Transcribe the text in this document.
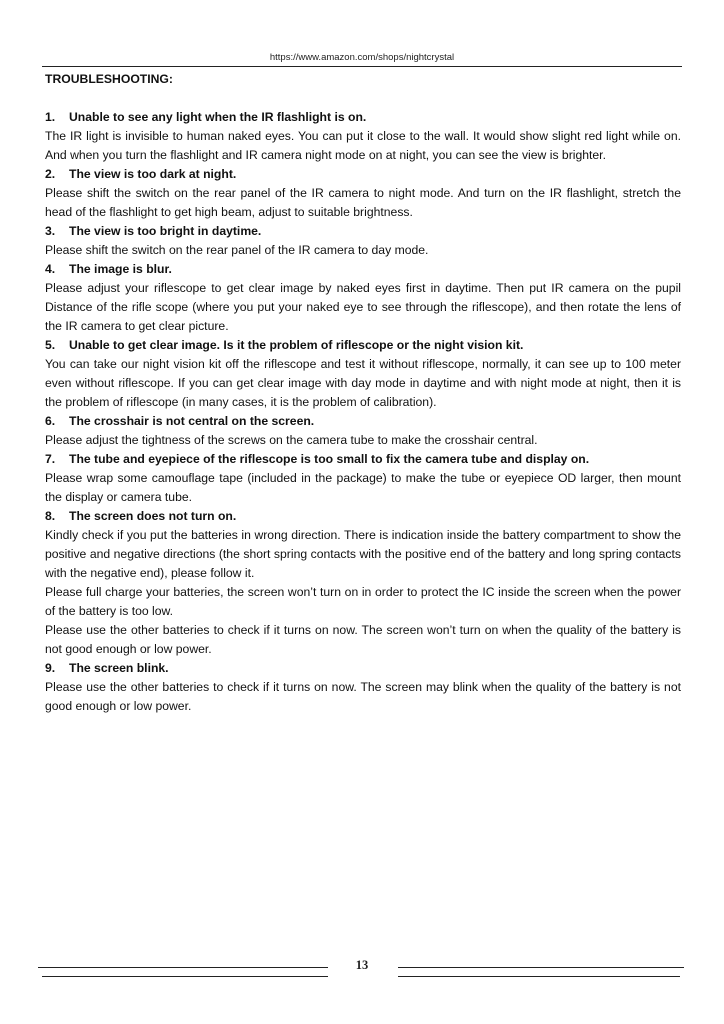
https://www.amazon.com/shops/nightcrystal

TROUBLESHOOTING:

1. Unable to see any light when the IR flashlight is on.

The IR light is invisible to human naked eyes. You can put it close to the wall. It would show slight red light while on. And when you turn the flashlight and IR camera night mode on at night, you can see the view is brighter.

2. The view is too dark at night.

Please shift the switch on the rear panel of the IR camera to night mode. And turn on the IR flashlight, stretch the head of the flashlight to get high beam, adjust to suitable brightness.

3. The view is too bright in daytime.

Please shift the switch on the rear panel of the IR camera to day mode.

4. The image is blur.

Please adjust your riflescope to get clear image by naked eyes first in daytime. Then put IR camera on the pupil Distance of the rifle scope (where you put your naked eye to see through the riflescope), and then rotate the lens of the IR camera to get clear picture.

5. Unable to get clear image. Is it the problem of riflescope or the night vision kit.

You can take our night vision kit off the riflescope and test it without riflescope, normally, it can see up to 100 meter even without riflescope. If you can get clear image with day mode in daytime and with night mode at night, then it is the problem of riflescope (in many cases, it is the problem of calibration).

6. The crosshair is not central on the screen.

Please adjust the tightness of the screws on the camera tube to make the crosshair central.

7. The tube and eyepiece of the riflescope is too small to fix the camera tube and display on.

Please wrap some camouflage tape (included in the package) to make the tube or eyepiece OD larger, then mount the display or camera tube.

8. The screen does not turn on.

Kindly check if you put the batteries in wrong direction. There is indication inside the battery compartment to show the positive and negative directions (the short spring contacts with the positive end of the battery and long spring contacts with the negative end), please follow it.

Please full charge your batteries, the screen won’t turn on in order to protect the IC inside the screen when the power of the battery is too low.

Please use the other batteries to check if it turns on now. The screen won’t turn on when the quality of the battery is not good enough or low power.

9. The screen blink.

Please use the other batteries to check if it turns on now. The screen may blink when the quality of the battery is not good enough or low power.

13
